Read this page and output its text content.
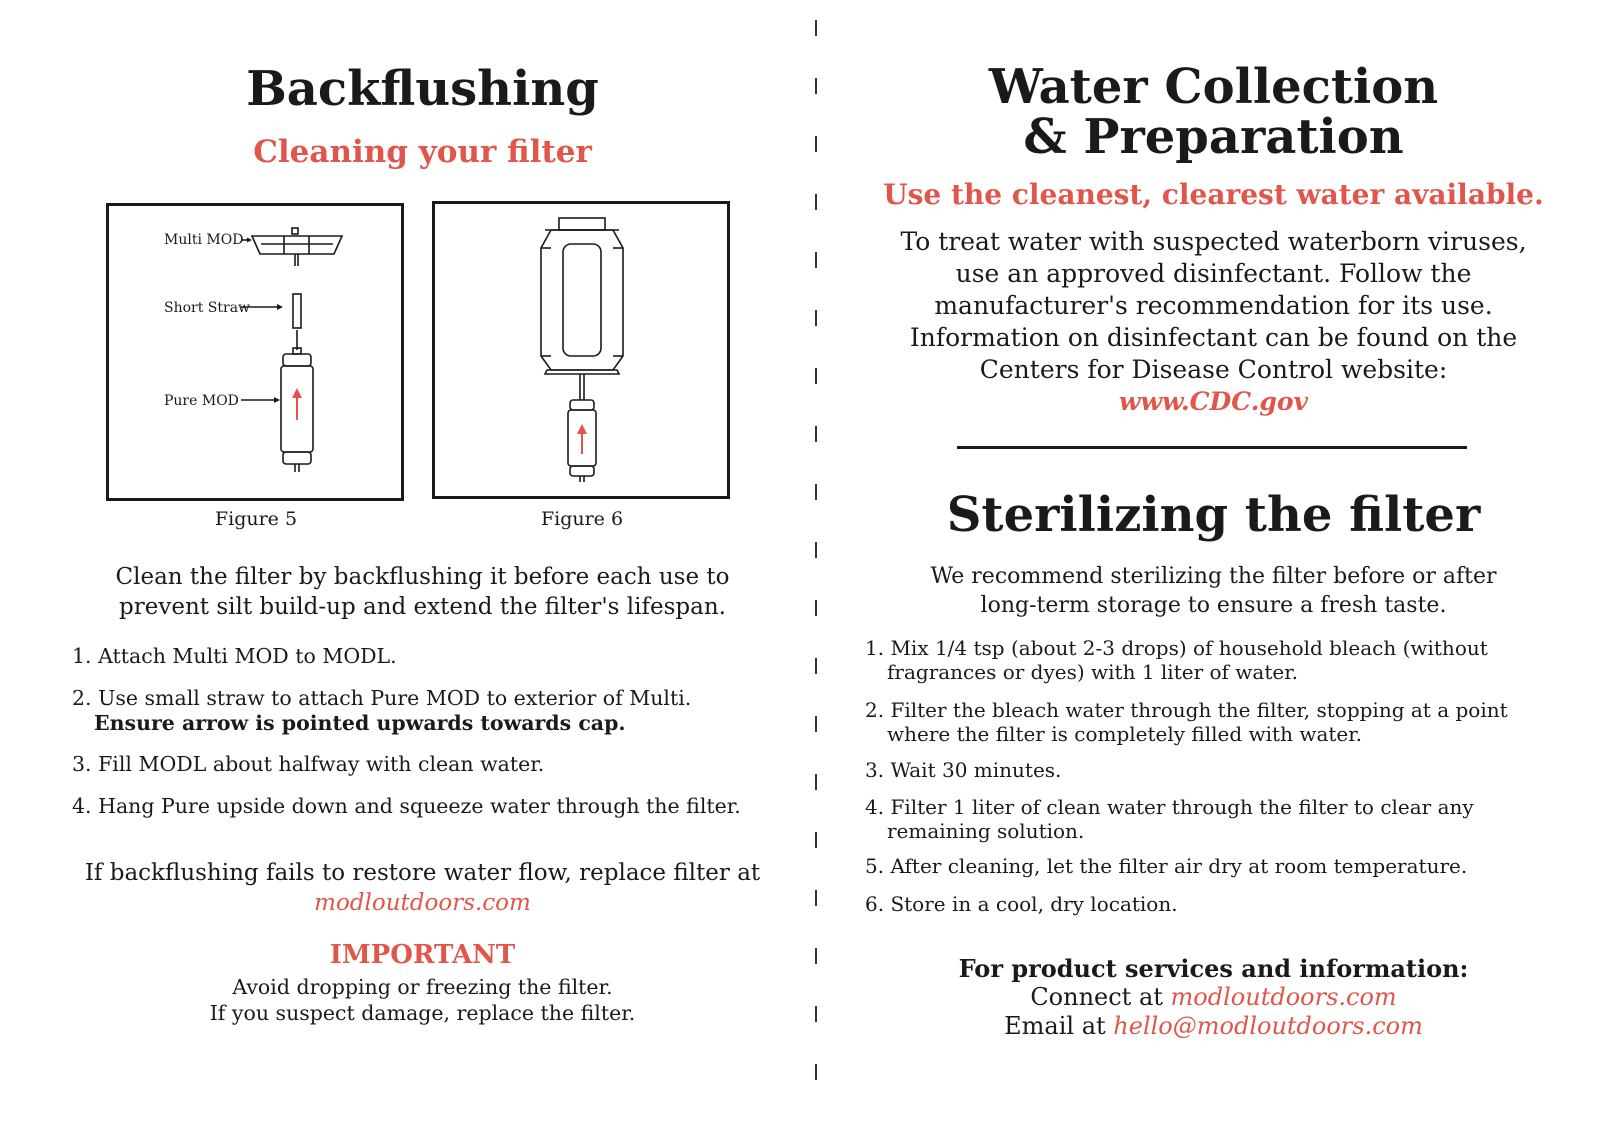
Backflushing
Cleaning your filter
Multi MOD
Short Straw
Pure MOD
Figure 5	Figure 6
Clean the filter by backflushing it before each use to
prevent silt build-up and extend the filter's lifespan.
1. Attach Multi MOD to MODL.
2. Use small straw to attach Pure MOD to exterior of Multi.
Ensure arrow is pointed upwards towards cap.
3. Fill MODL about halfway with clean water.
4. Hang Pure upside down and squeeze water through the filter.
If backflushing fails to restore water flow, replace filter at
modloutdoors.com
IMPORTANT
Avoid dropping or freezing the filter.
If you suspect damage, replace the filter.
Water Collection
& Preparation
Use the cleanest, clearest water available.
To treat water with suspected waterborn viruses,
use an approved disinfectant. Follow the
manufacturer's recommendation for its use.
Information on disinfectant can be found on the
Centers for Disease Control website:
www.CDC.gov
Sterilizing the filter
We recommend sterilizing the filter before or after
long-term storage to ensure a fresh taste.
1. Mix 1/4 tsp (about 2-3 drops) of household bleach (without
fragrances or dyes) with 1 liter of water.
2. Filter the bleach water through the filter, stopping at a point
where the filter is completely filled with water.
3. Wait 30 minutes.
4. Filter 1 liter of clean water through the filter to clear any
remaining solution.
5. After cleaning, let the filter air dry at room temperature.
6. Store in a cool, dry location.
For product services and information:
Connect at modloutdoors.com
Email at hello@modloutdoors.com
